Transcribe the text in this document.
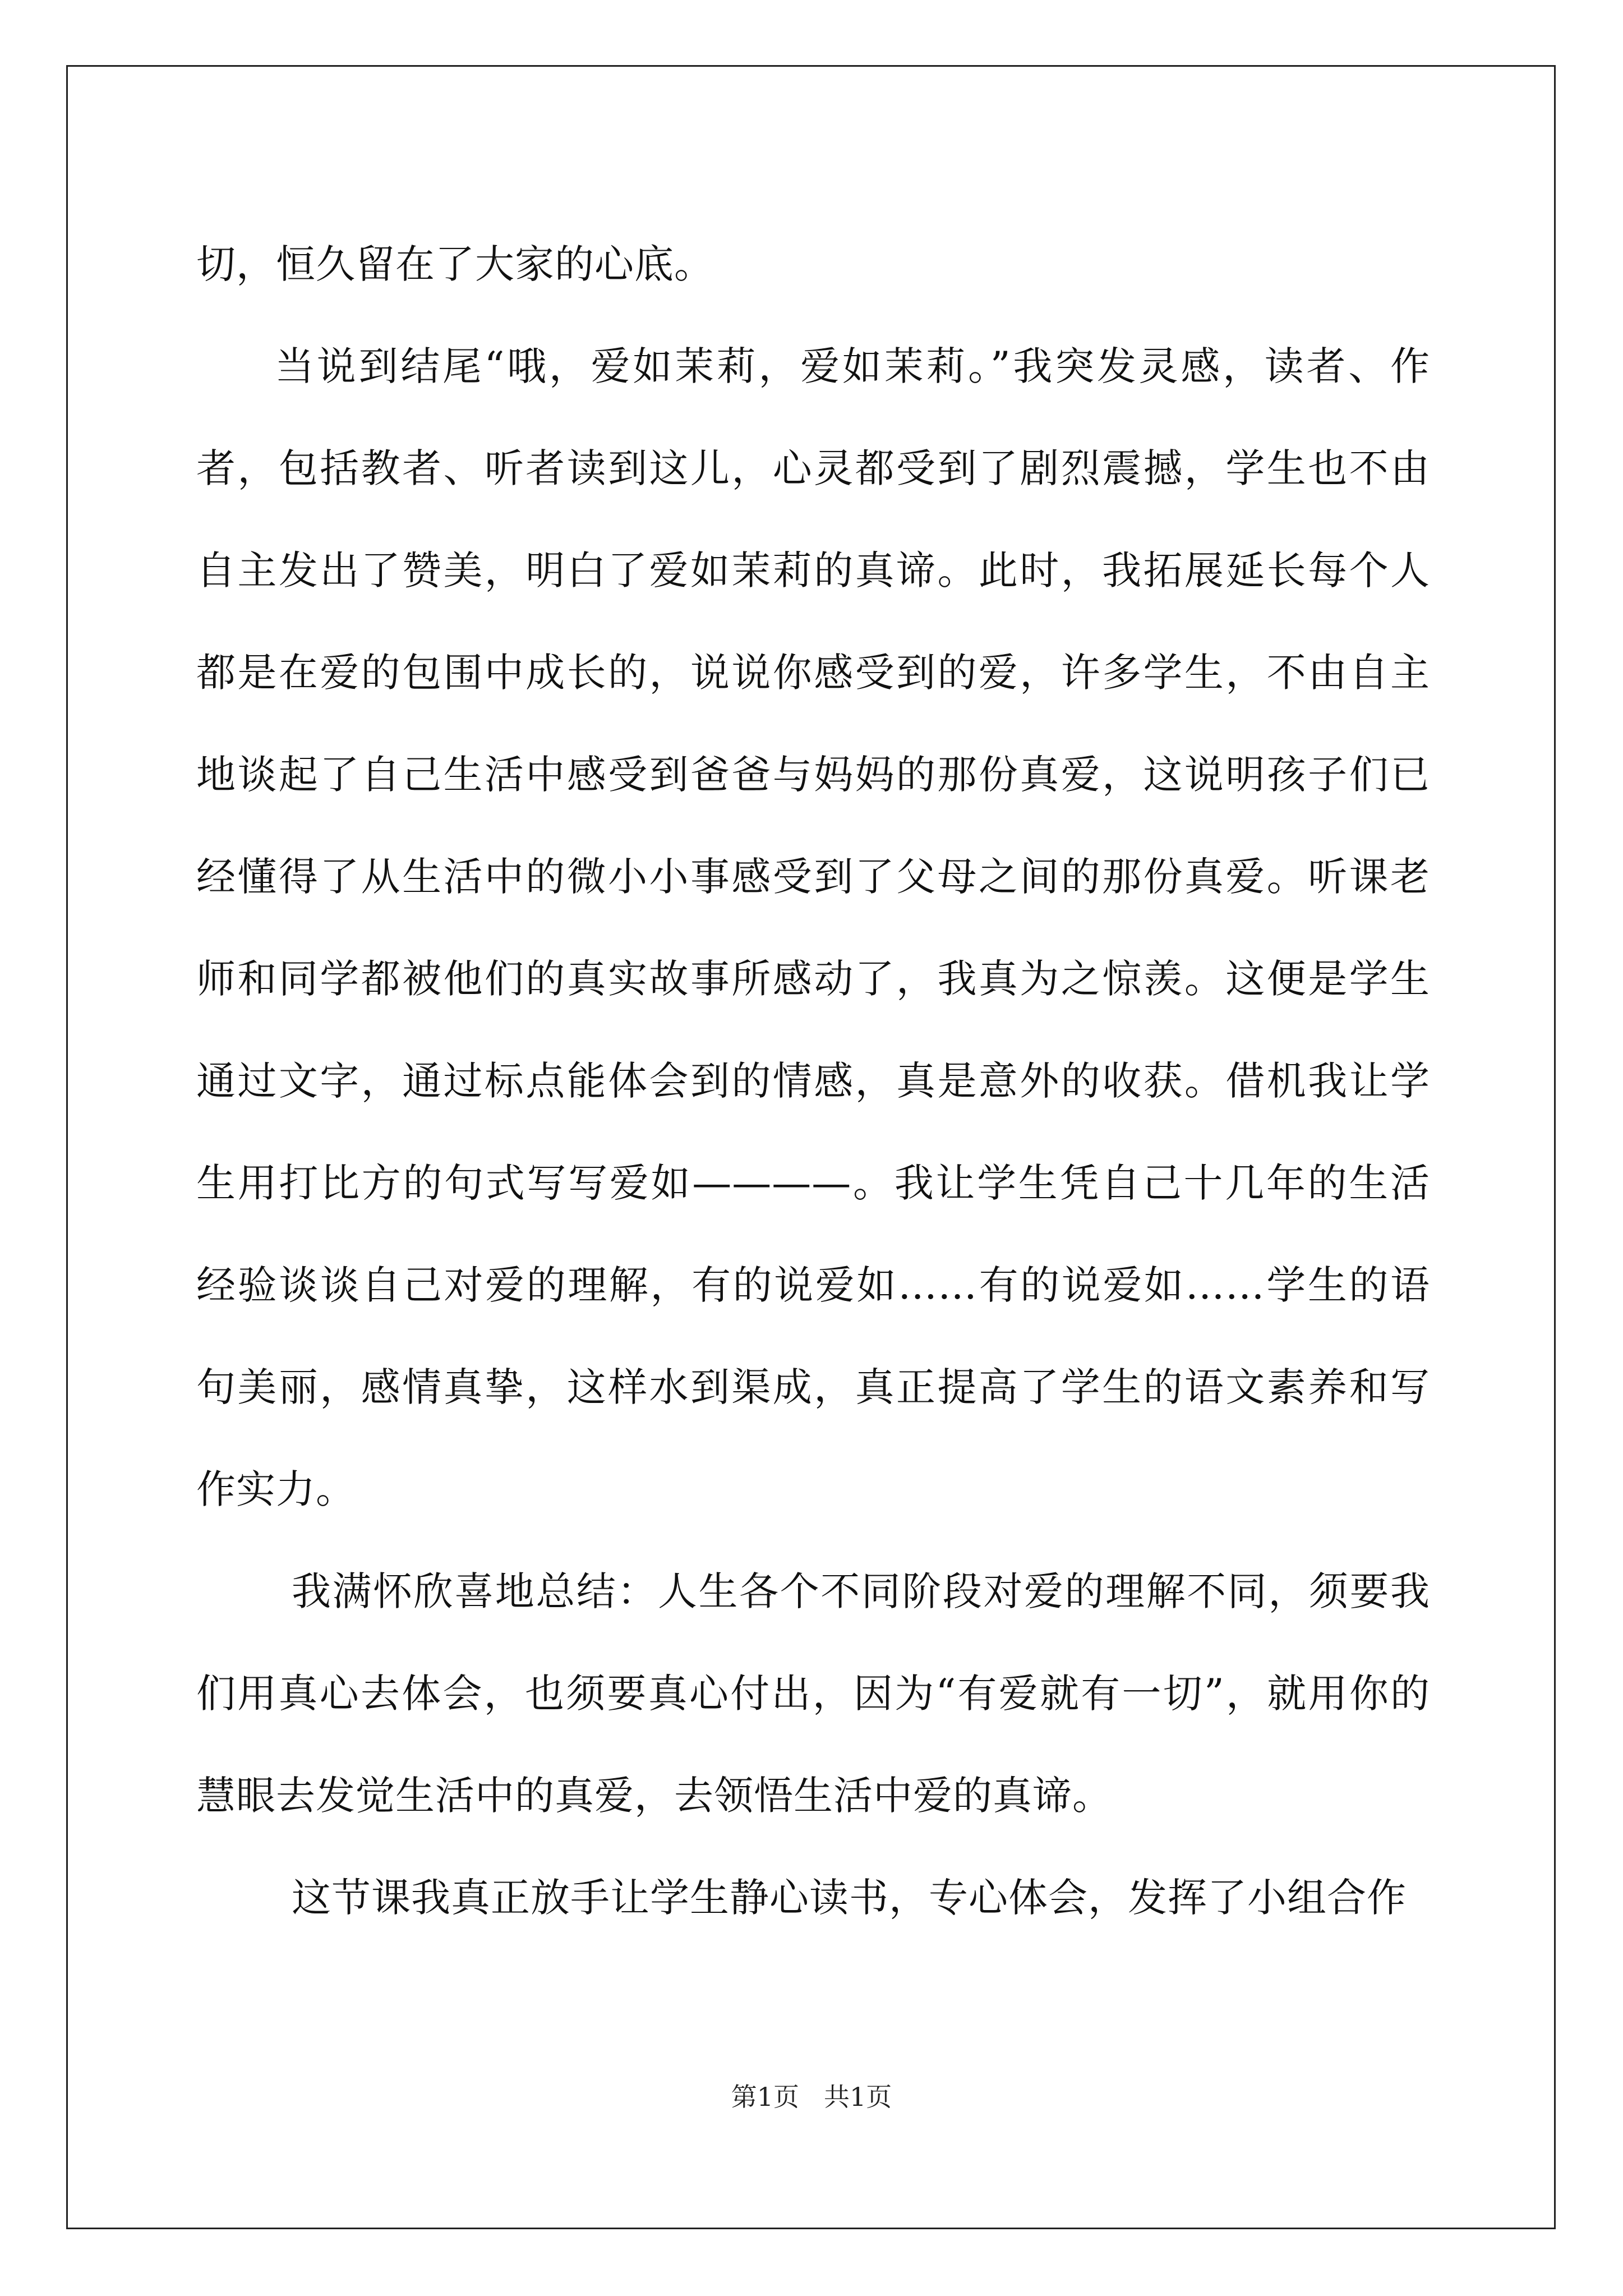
切，恒久留在了大家的心底。

当说到结尾“哦，爱如茉莉，爱如茉莉。”我突发灵感，读者、作者，包括教者、听者读到这儿，心灵都受到了剧烈震撼，学生也不由自主发出了赞美，明白了爱如茉莉的真谛。此时，我拓展延长每个人都是在爱的包围中成长的，说说你感受到的爱，许多学生，不由自主地谈起了自己生活中感受到爸爸与妈妈的那份真爱，这说明孩子们已经懂得了从生活中的微小小事感受到了父母之间的那份真爱。听课老师和同学都被他们的真实故事所感动了，我真为之惊羡。这便是学生通过文字，通过标点能体会到的情感，真是意外的收获。借机我让学生用打比方的句式写写爱如————。我让学生凭自己十几年的生活经验谈谈自己对爱的理解，有的说爱如……有的说爱如……学生的语句美丽，感情真挚，这样水到渠成，真正提高了学生的语文素养和写作实力。

我满怀欣喜地总结：人生各个不同阶段对爱的理解不同，须要我们用真心去体会，也须要真心付出，因为“有爱就有一切”，就用你的慧眼去发觉生活中的真爱，去领悟生活中爱的真谛。

这节课我真正放手让学生静心读书，专心体会，发挥了小组合作

第1页 共1页
